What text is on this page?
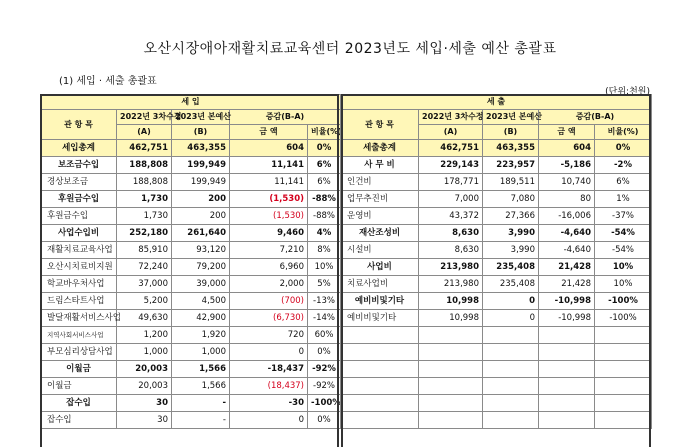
오산시장애아재활치료교육센터 2023년도 세입·세출 예산 총괄표
(1) 세입 · 세출 총괄표
(단위:천원)
세 입				
관 항 목	2022년 3차수정	2023년 본예산	증감(B-A)	
	(A)	(B)	금 액	비율(%)
세입총계	462,751	463,355	604	0%
보조금수입	188,808	199,949	11,141	6%
경상보조금	188,808	199,949	11,141	6%
후원금수입	1,730	200	(1,530)	-88%
후원금수입	1,730	200	(1,530)	-88%
사업수입비	252,180	261,640	9,460	4%
재활치료교육사업	85,910	93,120	7,210	8%
오산시치료비지원	72,240	79,200	6,960	10%
학교바우처사업	37,000	39,000	2,000	5%
드림스타트사업	5,200	4,500	(700)	-13%
발달재활서비스사업	49,630	42,900	(6,730)	-14%
지역사회서비스사업	1,200	1,920	720	60%
부모심리상담사업	1,000	1,000	0	0%
이월금	20,003	1,566	-18,437	-92%
이월금	20,003	1,566	(18,437)	-92%
잡수입	30	-	-30	-100%
잡수입	30	-	0	0%
세 출				
관 항 목	2022년 3차수정	2023년 본예산	증감(B-A)	
	(A)	(B)	금 액	비율(%)
세출총계	462,751	463,355	604	0%
사 무 비	229,143	223,957	-5,186	-2%
인건비	178,771	189,511	10,740	6%
업무추진비	7,000	7,080	80	1%
운영비	43,372	27,366	-16,006	-37%
재산조성비	8,630	3,990	-4,640	-54%
시설비	8,630	3,990	-4,640	-54%
사업비	213,980	235,408	21,428	10%
치료사업비	213,980	235,408	21,428	10%
예비비및기타	10,998	0	-10,998	-100%
예비비및기타	10,998	0	-10,998	-100%
